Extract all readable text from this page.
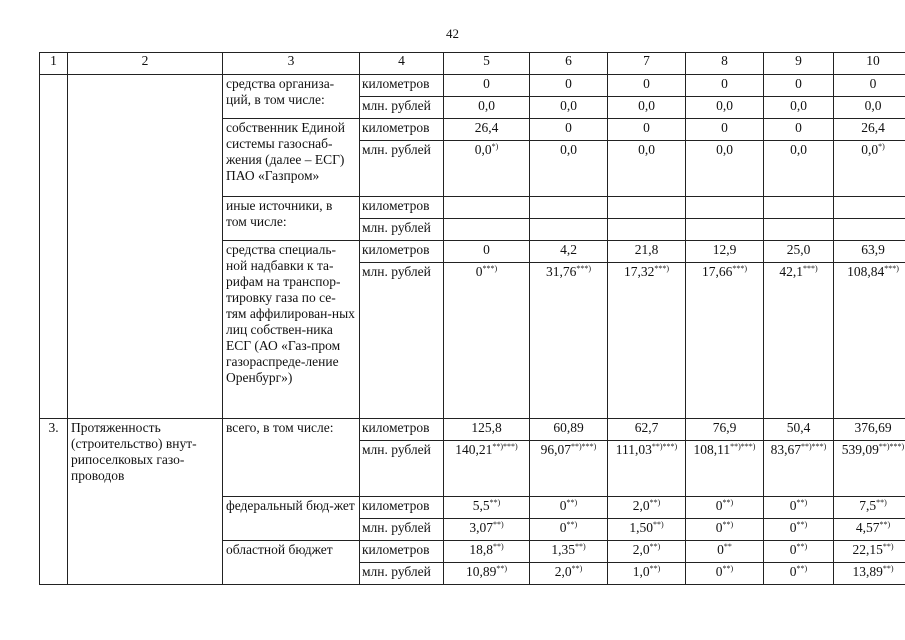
42
1	2	3	4	5	6	7	8	9	10
		средства организа-ций, в том числе:	километров	0	0	0	0	0	0
			млн. рублей	0,0	0,0	0,0	0,0	0,0	0,0
		собственник Единой системы газоснаб-жения (далее – ЕСГ) ПАО «Газпром»	километров	26,4	0	0	0	0	26,4
			млн. рублей	0,0*)	0,0	0,0	0,0	0,0	0,0*)
		иные источники, в том числе:	километров						
			млн. рублей						
		средства специаль-ной надбавки к та-рифам на транспор-тировку газа по се-тям аффилирован-ных лиц собствен-ника ЕСГ (АО «Газ-пром газораспреде-ление Оренбург»)	километров	0	4,2	21,8	12,9	25,0	63,9
			млн. рублей	0***)	31,76***)	17,32***)	17,66***)	42,1***)	108,84***)
3.	Протяженность (строительство) внут-рипоселковых газо-проводов	всего, в том числе:	километров	125,8	60,89	62,7	76,9	50,4	376,69
			млн. рублей	140,21**)***)	96,07**)***)	111,03**)***)	108,11**)***)	83,67**)***)	539,09**)***)
		федеральный бюд-жет	километров	5,5**)	0**)	2,0**)	0**)	0**)	7,5**)
			млн. рублей	3,07**)	0**)	1,50**)	0**)	0**)	4,57**)
		областной бюджет	километров	18,8**)	1,35**)	2,0**)	0**	0**)	22,15**)
			млн. рублей	10,89**)	2,0**)	1,0**)	0**)	0**)	13,89**)
